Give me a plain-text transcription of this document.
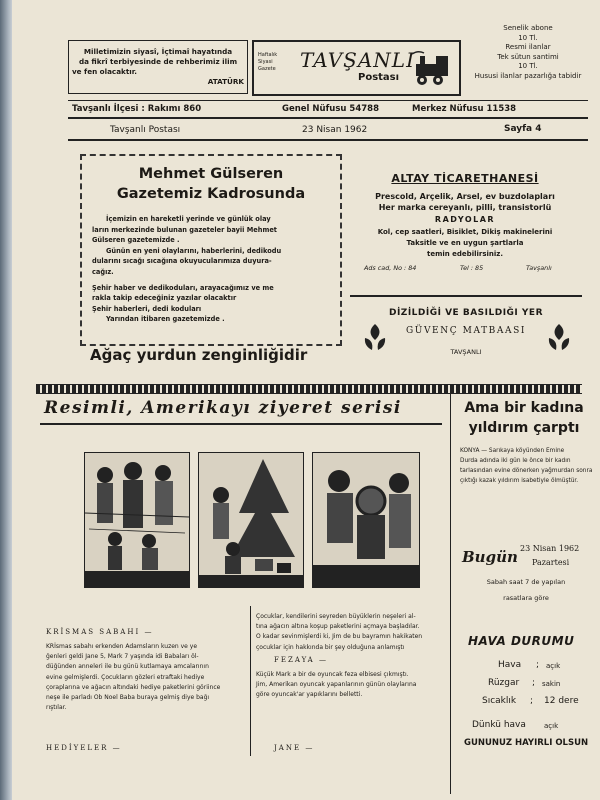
Milletimizin siyasî, İçtimaî hayatında
da fikrî terbiyesinde de rehberimiz ilim
ve fen olacaktır.
ATATÜRK
Haftalık Siyasi
Gazete	TAVŞANLI
Postası
Senelik abone
10 Tl.
Resmi ilanlar
Tek sütun santimi
10 Tl.
Hususi ilanlar pazarlığa tabidir
Tavşanlı İlçesi : Rakımı 860	Genel Nüfusu 54788	Merkez Nüfusu 11538
Tavşanlı Postası	23 Nisan 1962	Sayfa 4
Mehmet Gülseren
Gazetemiz Kadrosunda
İçemizin en hareketli yerinde ve günlük olay
ların merkezinde bulunan gazeteler bayii Mehmet
Gülseren gazetemizde .
Günün en yeni olaylarını, haberlerini, dedikodu
dularını sıcağı sıcağına okuyucularımıza duyura-
cağız.
Şehir haber ve dedikoduları, arayacağımız ve me
rakla takip edeceğiniz yazılar olacaktır
Şehir haberleri, dedi koduları
Yarından itibaren gazetemizde .
Ağaç yurdun zenginliğidir
ALTAY TİCARETHANESİ
Prescold, Arçelik, Arsel, ev buzdolapları
Her marka cereyanlı, pilli, transistorlü
RADYOLAR
Kol, cep saatleri, Bisiklet, Dikiş makinelerini
Taksitle ve en uygun şartlarla
temin edebilirsiniz.
Ads cad, No : 84	Tel : 85	Tavşanlı
DİZİLDİĞİ VE BASILDIĞI YER
GÜVENÇ MATBAASI
TAVŞANLI
Resimli, Amerikayı ziyeret serisi
KRİSMAS SABAHI —
KRİsmas sabahı erkenden Adamsların kuzen ve ye
ğenleri geldi Jane 5, Mark 7 yaşında idi Babaları öl-
düğünden anneleri ile bu günü kutlamaya amcalarının
evine gelmişlerdi. Çocukların gözleri etraftaki hediye
çoraplarına ve ağacın altındaki hediye paketlerini göriince
neşe ile parladı Ob Noel Baba buraya gelmiş diye bağı
rıştılar.
HEDİYELER —
Çocuklar, kendilerini seyreden büyüklerin neşeleri al-
tına ağacın altına koşup paketlerini açmaya başladılar.
O kadar sevinmişlerdi ki, Jim de bu bayramın hakikaten
çocuklar için hakkında bir şey olduğuna anlamıştı
FEZAYA —
Küçük Mark a bir de oyuncak feza elbisesi çıkmıştı.
Jim, Amerikan oyuncak yapanlarının günün olaylarına
göre oyuncak'ar yapıklarını belletti.
JANE —
Ama bir kadına
yıldırım çarptı
KONYA — Sarıkaya köyünden Emine
Durda adında iki gün le önce bir kadın
tarlasından evine dönerken yağmurdan sonra
çıktığı kazak yıldırım isabetiyle ölmüştür.
Bugün 23 Nisan 1962
Pazartesi
Sabah saat 7 de yapılan
rasatlara göre
HAVA DURUMU
Hava ; açık
Rüzgar ; sakin
Sıcaklık ; 12 dere
Dünkü hava	açık
GÜNÜNÜZ HAYIRLI OLSUN
